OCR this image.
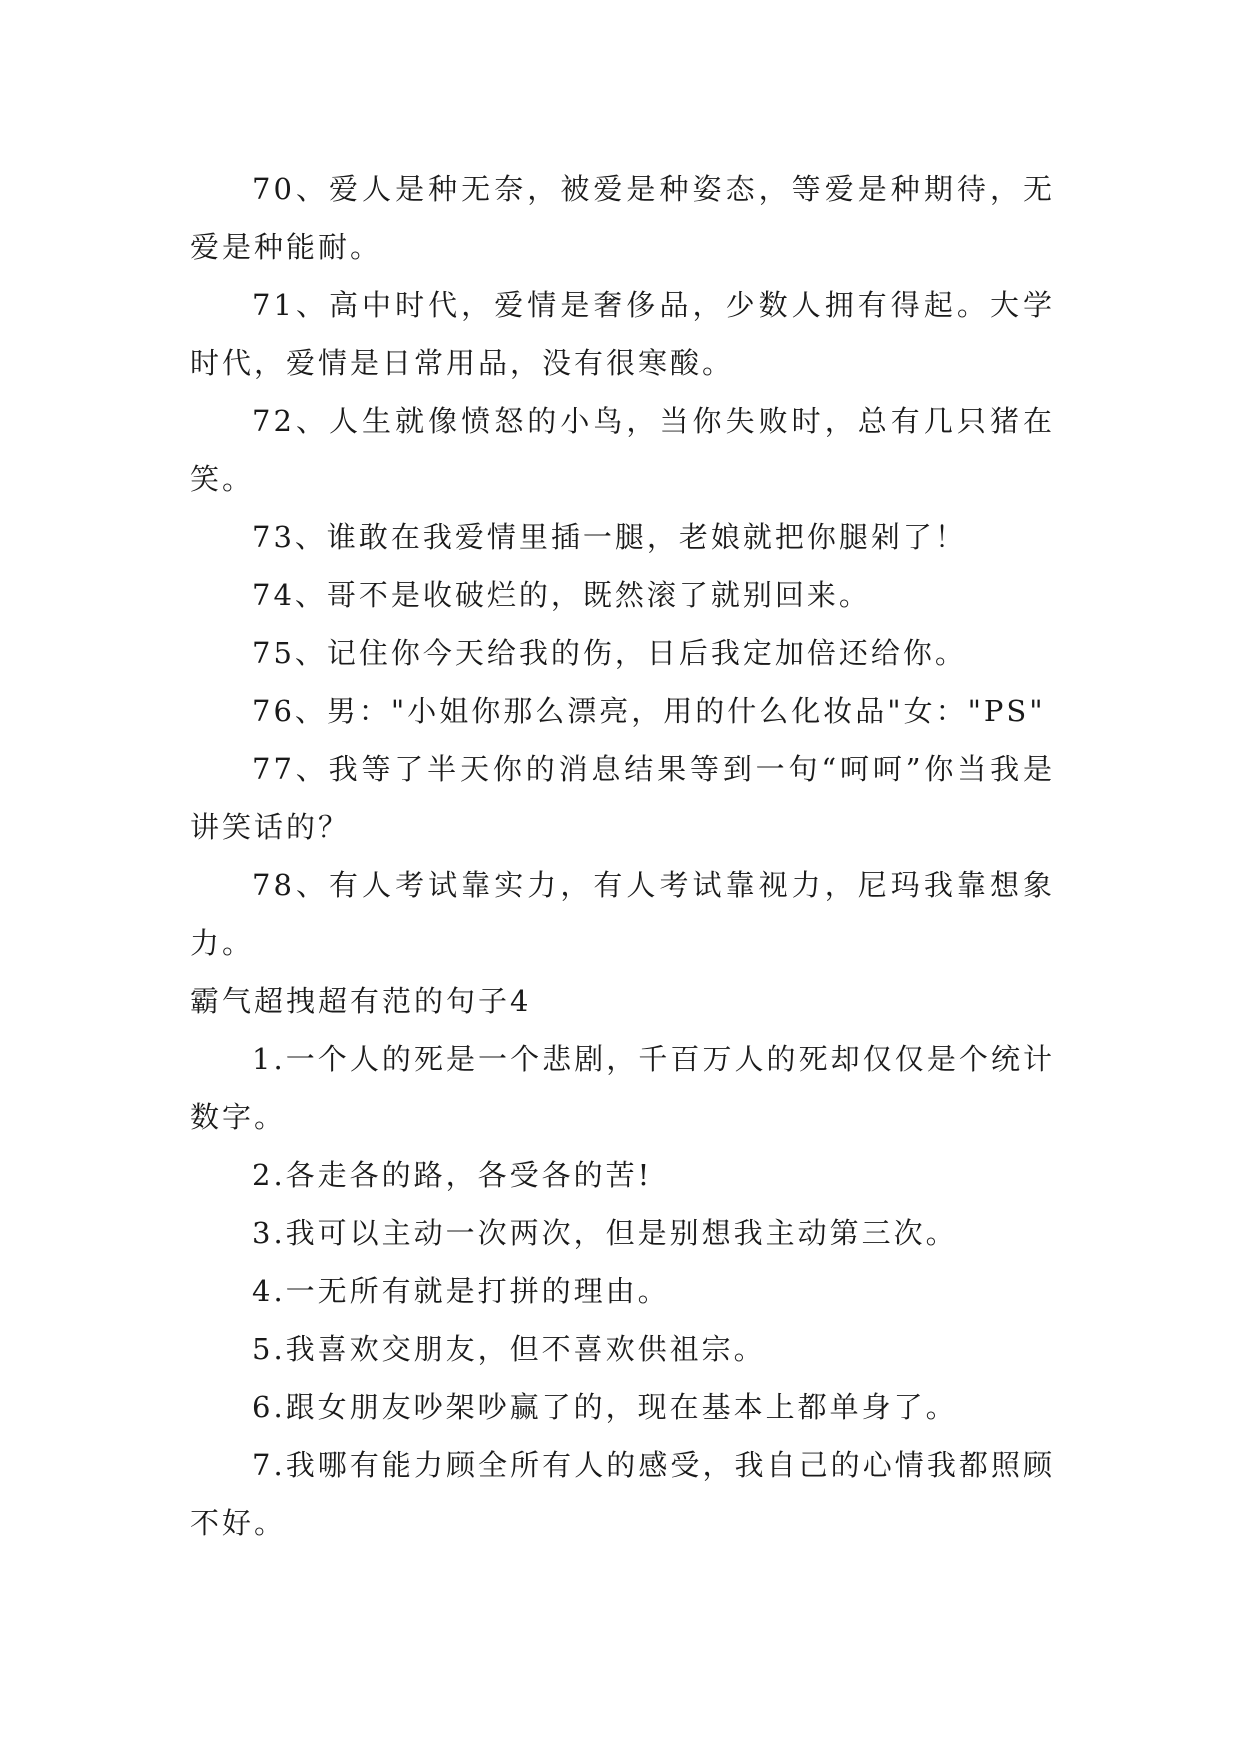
70、爱人是种无奈，被爱是种姿态，等爱是种期待，无爱是种能耐。

71、高中时代，爱情是奢侈品，少数人拥有得起。大学时代，爱情是日常用品，没有很寒酸。

72、人生就像愤怒的小鸟，当你失败时，总有几只猪在笑。

73、谁敢在我爱情里插一腿，老娘就把你腿剁了！

74、哥不是收破烂的，既然滚了就别回来。

75、记住你今天给我的伤，日后我定加倍还给你。

76、男："小姐你那么漂亮，用的什么化妆品"女："PS"

77、我等了半天你的消息结果等到一句“呵呵”你当我是讲笑话的？

78、有人考试靠实力，有人考试靠视力，尼玛我靠想象力。

霸气超拽超有范的句子4

1.一个人的死是一个悲剧，千百万人的死却仅仅是个统计数字。

2.各走各的路，各受各的苦!

3.我可以主动一次两次，但是别想我主动第三次。

4.一无所有就是打拼的理由。

5.我喜欢交朋友，但不喜欢供祖宗。

6.跟女朋友吵架吵赢了的，现在基本上都单身了。

7.我哪有能力顾全所有人的感受，我自己的心情我都照顾不好。
